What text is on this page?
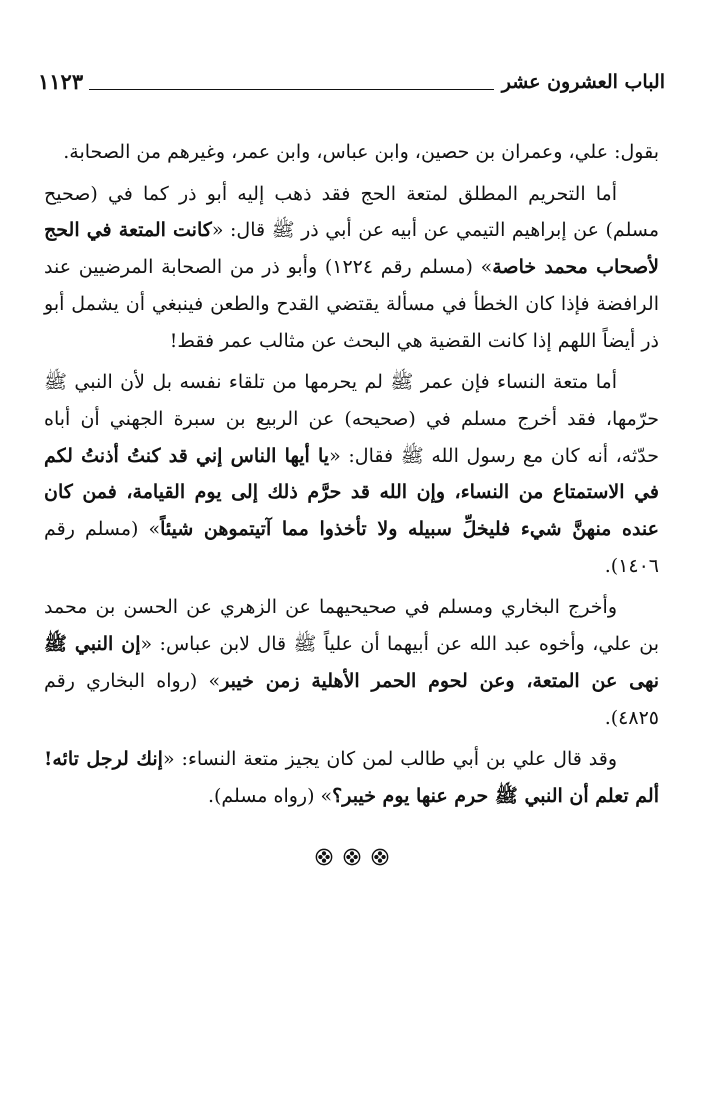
الباب العشرون عشر
١١٢٣

بقول: علي، وعمران بن حصين، وابن عباس، وابن عمر، وغيرهم من الصحابة.

أما التحريم المطلق لمتعة الحج فقد ذهب إليه أبو ذر كما في (صحيح مسلم) عن إبراهيم التيمي عن أبيه عن أبي ذر ﷺ قال: «كانت المتعة في الحج لأصحاب محمد خاصة» (مسلم رقم ١٢٢٤) وأبو ذر من الصحابة المرضيين عند الرافضة فإذا كان الخطأ في مسألة يقتضي القدح والطعن فينبغي أن يشمل أبو ذر أيضاً اللهم إذا كانت القضية هي البحث عن مثالب عمر فقط!

أما متعة النساء فإن عمر ﷺ لم يحرمها من تلقاء نفسه بل لأن النبي ﷺ حرّمها، فقد أخرج مسلم في (صحيحه) عن الربيع بن سبرة الجهني أن أباه حدّثه، أنه كان مع رسول الله ﷺ فقال: «يا أيها الناس إني قد كنتُ أذنتُ لكم في الاستمتاع من النساء، وإن الله قد حرَّم ذلك إلى يوم القيامة، فمن كان عنده منهنَّ شيء فليخلِّ سبيله ولا تأخذوا مما آتيتموهن شيئاً» (مسلم رقم ١٤٠٦).

وأخرج البخاري ومسلم في صحيحيهما عن الزهري عن الحسن بن محمد بن علي، وأخوه عبد الله عن أبيهما أن علياً ﷺ قال لابن عباس: «إن النبي ﷺ نهى عن المتعة، وعن لحوم الحمر الأهلية زمن خيبر» (رواه البخاري رقم ٤٨٢٥).

وقد قال علي بن أبي طالب لمن كان يجيز متعة النساء: «إنك لرجل تائه! ألم تعلم أن النبي ﷺ حرم عنها يوم خيبر؟» (رواه مسلم).
